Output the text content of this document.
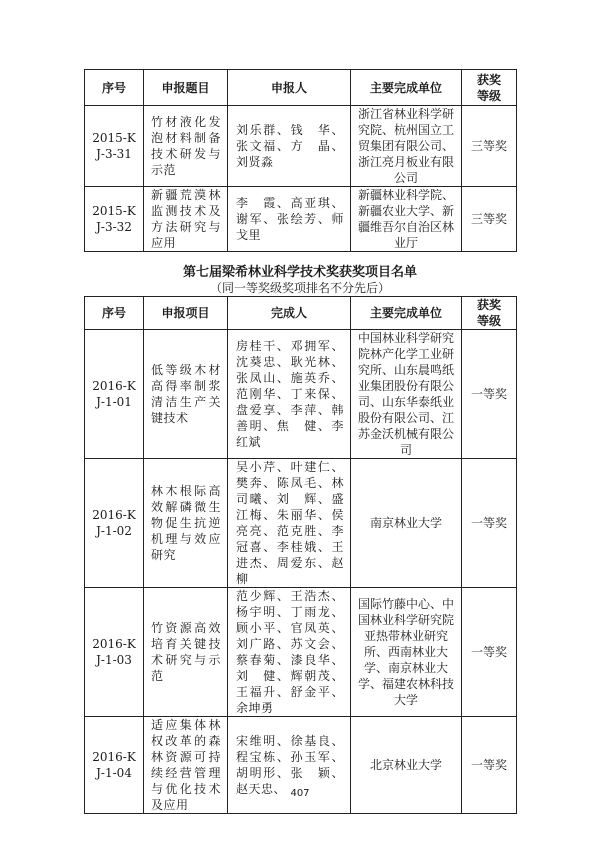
序号	申报题目	申报人	主要完成单位	获奖等级
2015-KJ-3-31	竹材液化发泡材料制备技术研发与示范	刘乐群、钱　华、张文福、方　晶、刘贤淼	浙江省林业科学研究院、杭州国立工贸集团有限公司、浙江亮月板业有限公司	三等奖
2015-KJ-3-32	新疆荒漠林监测技术及方法研究与应用	李　霞、高亚琪、谢军、张绘芳、师戈里	新疆林业科学院、新疆农业大学、新疆维吾尔自治区林业厅	三等奖
第七届梁希林业科学技术奖获奖项目名单
（同一等奖级奖项排名不分先后）
序号	申报项目	完成人	主要完成单位	获奖等级
2016-KJ-1-01	低等级木材高得率制浆清洁生产关键技术	房桂干、邓拥军、沈葵忠、耿光林、张凤山、施英乔、范刚华、丁来保、盘爱享、李萍、韩善明、焦　健、李红斌	中国林业科学研究院林产化学工业研究所、山东晨鸣纸业集团股份有限公司、山东华泰纸业股份有限公司、江苏金沃机械有限公司	一等奖
2016-KJ-1-02	林木根际高效解磷微生物促生抗逆机理与效应研究	吴小芹、叶建仁、樊奔、陈凤毛、林司曦、刘　辉、盛江梅、朱丽华、侯亮亮、范克胜、李冠喜、李桂娥、王进杰、周爱东、赵柳	南京林业大学	一等奖
2016-KJ-1-03	竹资源高效培育关键技术研究与示范	范少辉、王浩杰、杨宇明、丁雨龙、顾小平、官凤英、刘广路、苏文会、蔡春菊、漆良华、刘　健、辉朝茂、王福升、舒金平、余坤勇	国际竹藤中心、中国林业科学研究院亚热带林业研究所、西南林业大学、南京林业大学、福建农林科技大学	一等奖
2016-KJ-1-04	适应集体林权改革的森林资源可持续经营管理与优化技术及应用	宋维明、徐基良、程宝栋、孙玉军、胡明形、张　颖、赵天忠、	北京林业大学	一等奖
407
